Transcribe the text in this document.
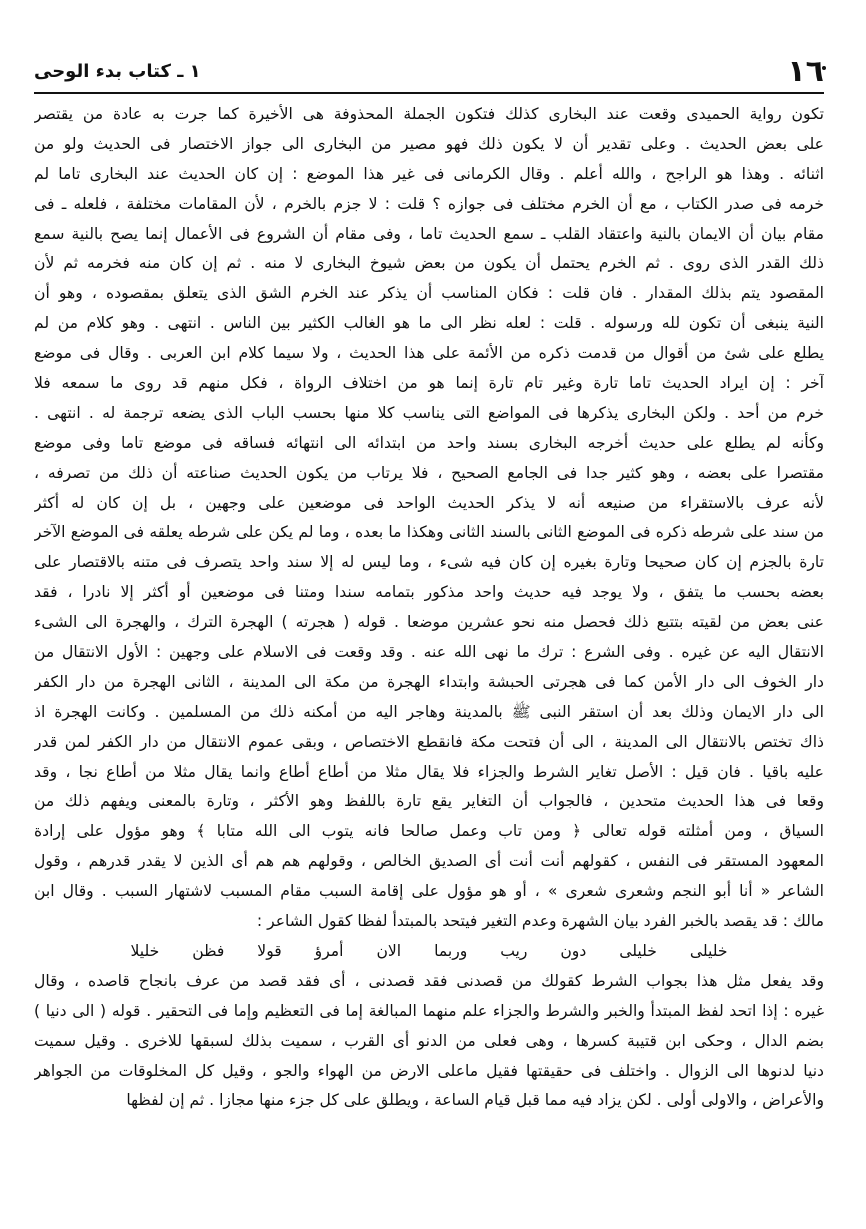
١٦
١ ـ كتاب بدء الوحى
تكون رواية الحميدى وقعت عند البخارى كذلك فتكون الجملة المحذوفة هى الأخيرة كما جرت به عادة من يقتصر
على بعض الحديث . وعلى تقدير أن لا يكون ذلك فهو مصير من البخارى الى جواز الاختصار فى الحديث ولو من
اثنائه . وهذا هو الراجح ، والله أعلم . وقال الكرمانى فى غير هذا الموضع : إن كان الحديث عند البخارى تاما لم
خرمه فى صدر الكتاب ، مع أن الخرم مختلف فى جوازه ؟ قلت : لا جزم بالخرم ، لأن المقامات مختلفة ، فلعله ـ فى
مقام بيان أن الايمان بالنية واعتقاد القلب ـ سمع الحديث تاما ، وفى مقام أن الشروع فى الأعمال إنما يصح بالنية سمع
ذلك القدر الذى روى . ثم الخرم يحتمل أن يكون من بعض شيوخ البخارى لا منه . ثم إن كان منه فخرمه ثم لأن
المقصود يتم بذلك المقدار . فان قلت : فكان المناسب أن يذكر عند الخرم الشق الذى يتعلق بمقصوده ، وهو أن
النية ينبغى أن تكون لله ورسوله . قلت : لعله نظر الى ما هو الغالب الكثير بين الناس . انتهى . وهو كلام من لم
يطلع على شئ من أقوال من قدمت ذكره من الأئمة على هذا الحديث ، ولا سيما كلام ابن العربى . وقال فى موضع
آخر : إن ايراد الحديث تاما تارة وغير تام تارة إنما هو من اختلاف الرواة ، فكل منهم قد روى ما سمعه فلا
خرم من أحد . ولكن البخارى يذكرها فى المواضع التى يناسب كلا منها بحسب الباب الذى يضعه ترجمة له . انتهى .
وكأنه لم يطلع على حديث أخرجه البخارى بسند واحد من ابتدائه الى انتهائه فساقه فى موضع تاما وفى موضع
مقتصرا على بعضه ، وهو كثير جدا فى الجامع الصحيح ، فلا يرتاب من يكون الحديث صناعته أن ذلك من تصرفه ،
لأنه عرف بالاستقراء من صنيعه أنه لا يذكر الحديث الواحد فى موضعين على وجهين ، بل إن كان له أكثر
من سند على شرطه ذكره فى الموضع الثانى بالسند الثانى وهكذا ما بعده ، وما لم يكن على شرطه يعلقه فى الموضع الآخر
تارة بالجزم إن كان صحيحا وتارة بغيره إن كان فيه شىء ، وما ليس له إلا سند واحد يتصرف فى متنه بالاقتصار على
بعضه بحسب ما يتفق ، ولا يوجد فيه حديث واحد مذكور بتمامه سندا ومتنا فى موضعين أو أكثر إلا نادرا ، فقد
عنى بعض من لقيته بتتبع ذلك فحصل منه نحو عشرين موضعا . قوله ( هجرته ) الهجرة الترك ، والهجرة الى الشىء
الانتقال اليه عن غيره . وفى الشرع : ترك ما نهى الله عنه . وقد وقعت فى الاسلام على وجهين : الأول الانتقال من
دار الخوف الى دار الأمن كما فى هجرتى الحبشة وابتداء الهجرة من مكة الى المدينة ، الثانى الهجرة من دار الكفر
الى دار الايمان وذلك بعد أن استقر النبى ﷺ بالمدينة وهاجر اليه من أمكنه ذلك من المسلمين . وكانت الهجرة اذ
ذاك تختص بالانتقال الى المدينة ، الى أن فتحت مكة فانقطع الاختصاص ، وبقى عموم الانتقال من دار الكفر لمن قدر
عليه باقيا . فان قيل : الأصل تغاير الشرط والجزاء فلا يقال مثلا من أطاع أطاع وانما يقال مثلا من أطاع نجا ، وقد
وقعا فى هذا الحديث متحدين ، فالجواب أن التغاير يقع تارة باللفظ وهو الأكثر ، وتارة بالمعنى ويفهم ذلك من
السياق ، ومن أمثلته قوله تعالى ﴿ ومن تاب وعمل صالحا فانه يتوب الى الله متابا ﴾ وهو مؤول على إرادة
المعهود المستقر فى النفس ، كقولهم أنت أنت أى الصديق الخالص ، وقولهم هم هم أى الذين لا يقدر قدرهم ، وقول
الشاعر « أنا أبو النجم وشعرى شعرى » ، أو هو مؤول على إقامة السبب مقام المسبب لاشتهار السبب . وقال ابن
مالك : قد يقصد بالخبر الفرد بيان الشهرة وعدم التغير فيتحد بالمبتدأ لفظا كقول الشاعر :
خليلى خليلى دون ريب وربما الان أمرؤ قولا فظن خليلا
وقد يفعل مثل هذا بجواب الشرط كقولك من قصدنى فقد قصدنى ، أى فقد قصد من عرف بانجاح قاصده ، وقال
غيره : إذا اتحد لفظ المبتدأ والخبر والشرط والجزاء علم منهما المبالغة إما فى التعظيم وإما فى التحقير . قوله ( الى دنيا )
بضم الدال ، وحكى ابن قتيبة كسرها ، وهى فعلى من الدنو أى القرب ، سميت بذلك لسبقها للاخرى . وقيل سميت
دنيا لدنوها الى الزوال . واختلف فى حقيقتها فقيل ماعلى الارض من الهواء والجو ، وقيل كل المخلوقات من الجواهر
والأعراض ، والاولى أولى . لكن يزاد فيه مما قبل قيام الساعة ، ويطلق على كل جزء منها مجازا . ثم إن لفظها
